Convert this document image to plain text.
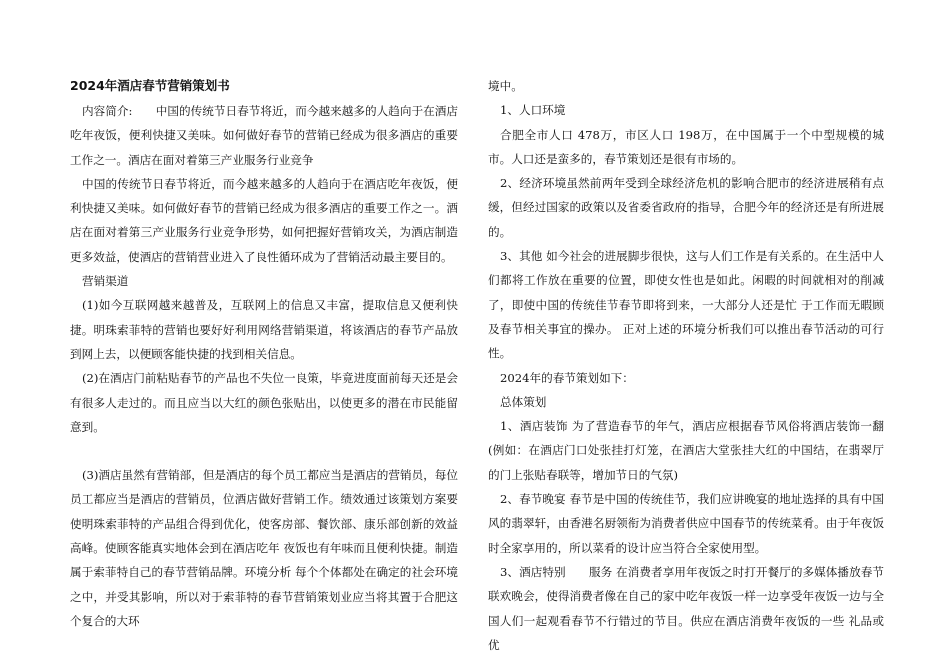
2024年酒店春节营销策划书

内容简介:　　中国的传统节日春节将近，而今越来越多的人趋向于在酒店吃年夜饭，便利快捷又美味。如何做好春节的营销已经成为很多酒店的重要工作之一。酒店在面对着第三产业服务行业竞争

中国的传统节日春节将近，而今越来越多的人趋向于在酒店吃年夜饭，便利快捷又美味。如何做好春节的营销已经成为很多酒店的重要工作之一。酒店在面对着第三产业服务行业竞争形势，如何把握好营销攻关，为酒店制造更多效益，使酒店的营销营业进入了良性循环成为了营销活动最主要目的。

营销渠道

(1)如今互联网越来越普及，互联网上的信息又丰富，提取信息又便利快捷。明珠索菲特的营销也要好好利用网络营销渠道，将该酒店的春节产品放到网上去，以便顾客能快捷的找到相关信息。

(2)在酒店门前粘贴春节的产品也不失位一良策，毕竟进度面前每天还是会有很多人走过的。而且应当以大红的颜色张贴出，以使更多的潜在市民能留意到。

(3)酒店虽然有营销部，但是酒店的每个员工都应当是酒店的营销员，每位员工都应当是酒店的营销员，位酒店做好营销工作。绩效通过该策划方案要使明珠索菲特的产品组合得到优化，使客房部、餐饮部、康乐部创新的效益高峰。使顾客能真实地体会到在酒店吃年 夜饭也有年味而且便利快捷。制造属于索菲特自己的春节营销品牌。环境分析 每个个体都处在确定的社会环境之中，并受其影响，所以对于索菲特的春节营销策划业应当将其置于合肥这个复合的大环

境中。

1、人口环境

合肥全市人口 478万，市区人口 198万，在中国属于一个中型规模的城市。人口还是蛮多的，春节策划还是很有市场的。

2、经济环境虽然前两年受到全球经济危机的影响合肥市的经济进展稍有点缓，但经过国家的政策以及省委省政府的指导，合肥今年的经济还是有所进展的。

3、其他 如今社会的进展脚步很快，这与人们工作是有关系的。在生活中人们都将工作放在重要的位置，即使女性也是如此。闲暇的时间就相对的削减了，即使中国的传统佳节春节即将到来，一大部分人还是忙 于工作而无暇顾及春节相关事宜的操办。 正对上述的环境分析我们可以推出春节活动的可行性。

2024年的春节策划如下：

总体策划

1、酒店装饰 为了营造春节的年气，酒店应根据春节风俗将酒店装饰一翻(例如：在酒店门口处张挂打灯笼，在酒店大堂张挂大红的中国结，在翡翠厅的门上张贴春联等，增加节日的气氛)

2、春节晚宴 春节是中国的传统佳节，我们应讲晚宴的地址选择的具有中国风的翡翠轩，由香港名厨领衔为消费者供应中国春节的传统菜肴。由于年夜饭时全家享用的，所以菜肴的设计应当符合全家使用型。

3、酒店特别　　服务 在消费者享用年夜饭之时打开餐厅的多媒体播放春节联欢晚会，使得消费者像在自己的家中吃年夜饭一样一边享受年夜饭一边与全国人们一起观看春节不行错过的节目。供应在酒店消费年夜饭的一些 礼品或优
